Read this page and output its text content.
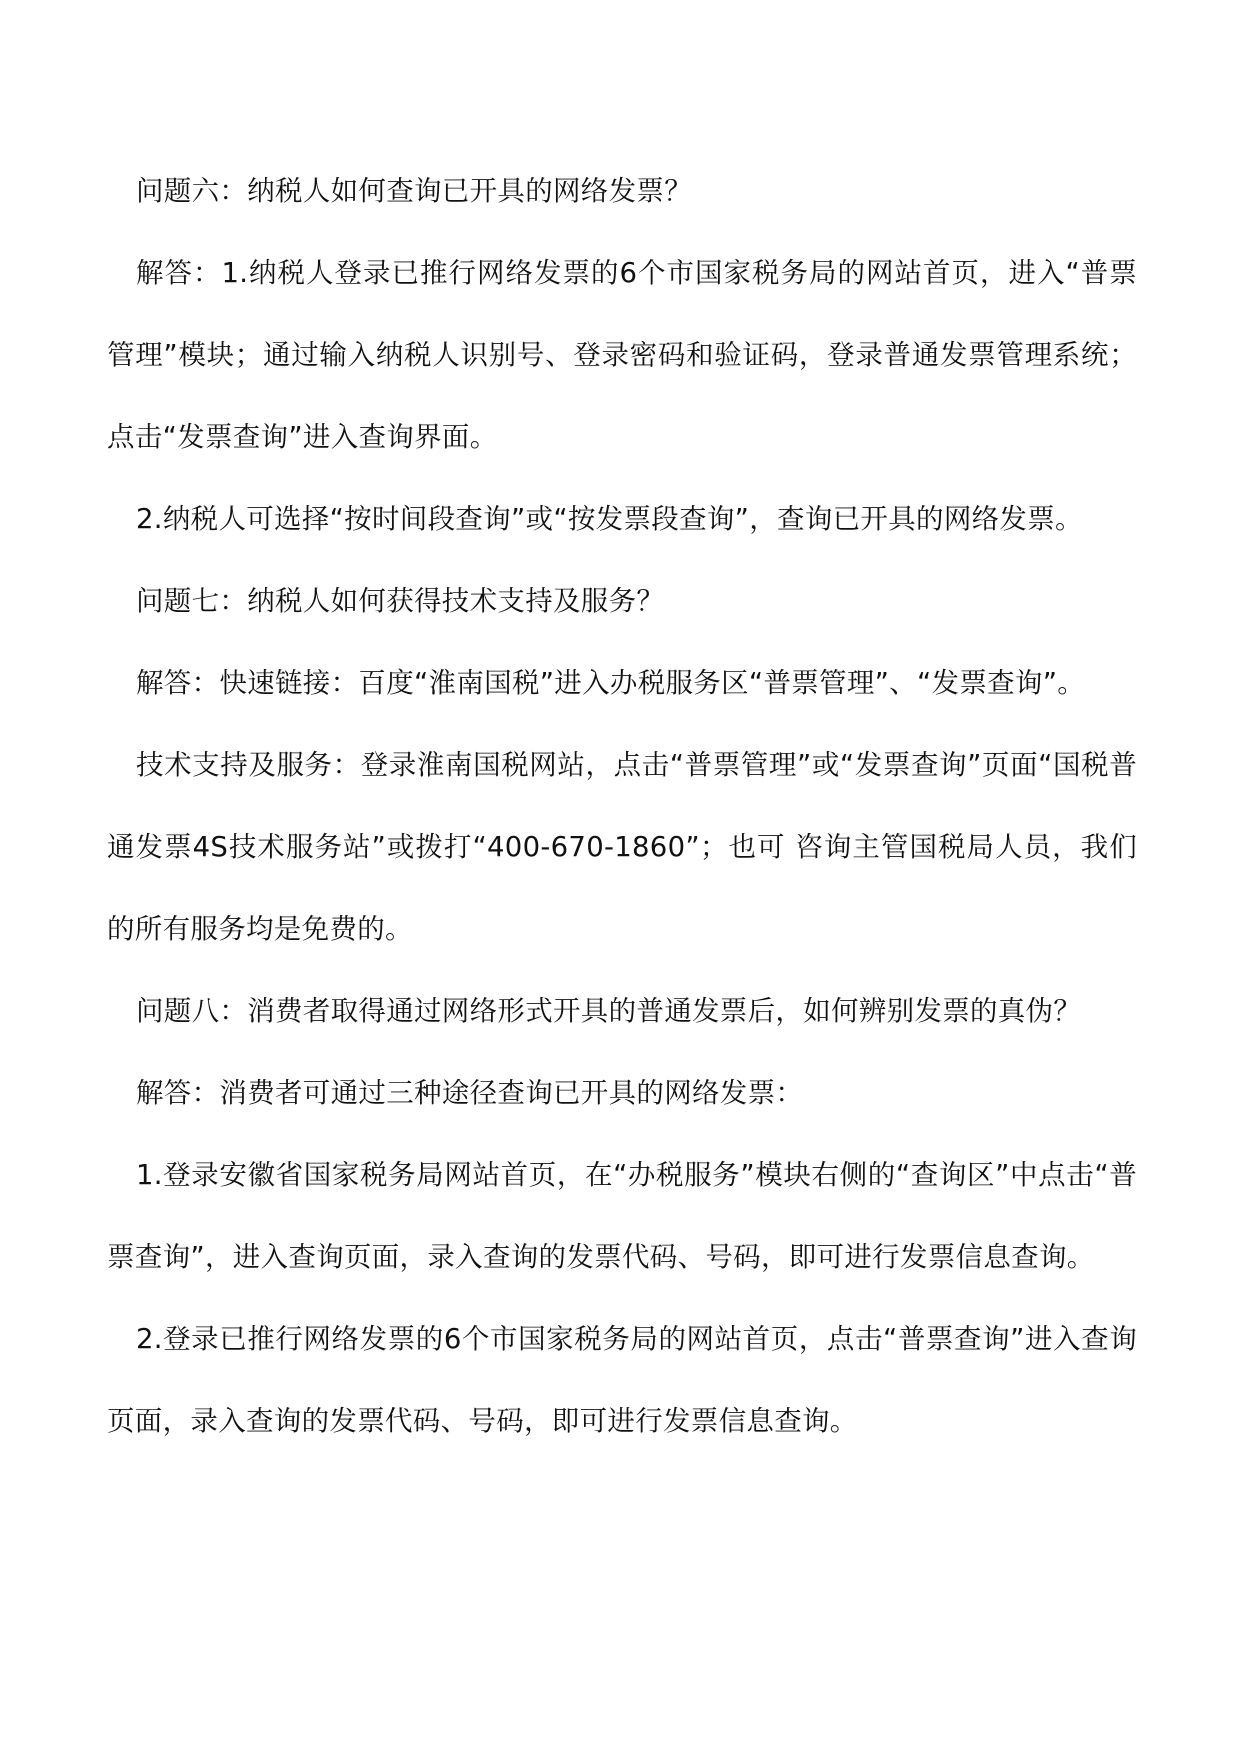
问题六：纳税人如何查询已开具的网络发票？

解答：1.纳税人登录已推行网络发票的6个市国家税务局的网站首页，进入“普票管理”模块；通过输入纳税人识别号、登录密码和验证码，登录普通发票管理系统；点击“发票查询”进入查询界面。

2.纳税人可选择“按时间段查询”或“按发票段查询”，查询已开具的网络发票。

问题七：纳税人如何获得技术支持及服务？

解答：快速链接：百度“淮南国税”进入办税服务区“普票管理”、“发票查询”。

技术支持及服务：登录淮南国税网站，点击“普票管理”或“发票查询”页面“国税普通发票4S技术服务站”或拨打“400-670-1860”；也可 咨询主管国税局人员，我们的所有服务均是免费的。

问题八：消费者取得通过网络形式开具的普通发票后，如何辨别发票的真伪？

解答：消费者可通过三种途径查询已开具的网络发票：

1.登录安徽省国家税务局网站首页，在“办税服务”模块右侧的“查询区”中点击“普票查询”，进入查询页面，录入查询的发票代码、号码，即可进行发票信息查询。

2.登录已推行网络发票的6个市国家税务局的网站首页，点击“普票查询”进入查询页面，录入查询的发票代码、号码，即可进行发票信息查询。
